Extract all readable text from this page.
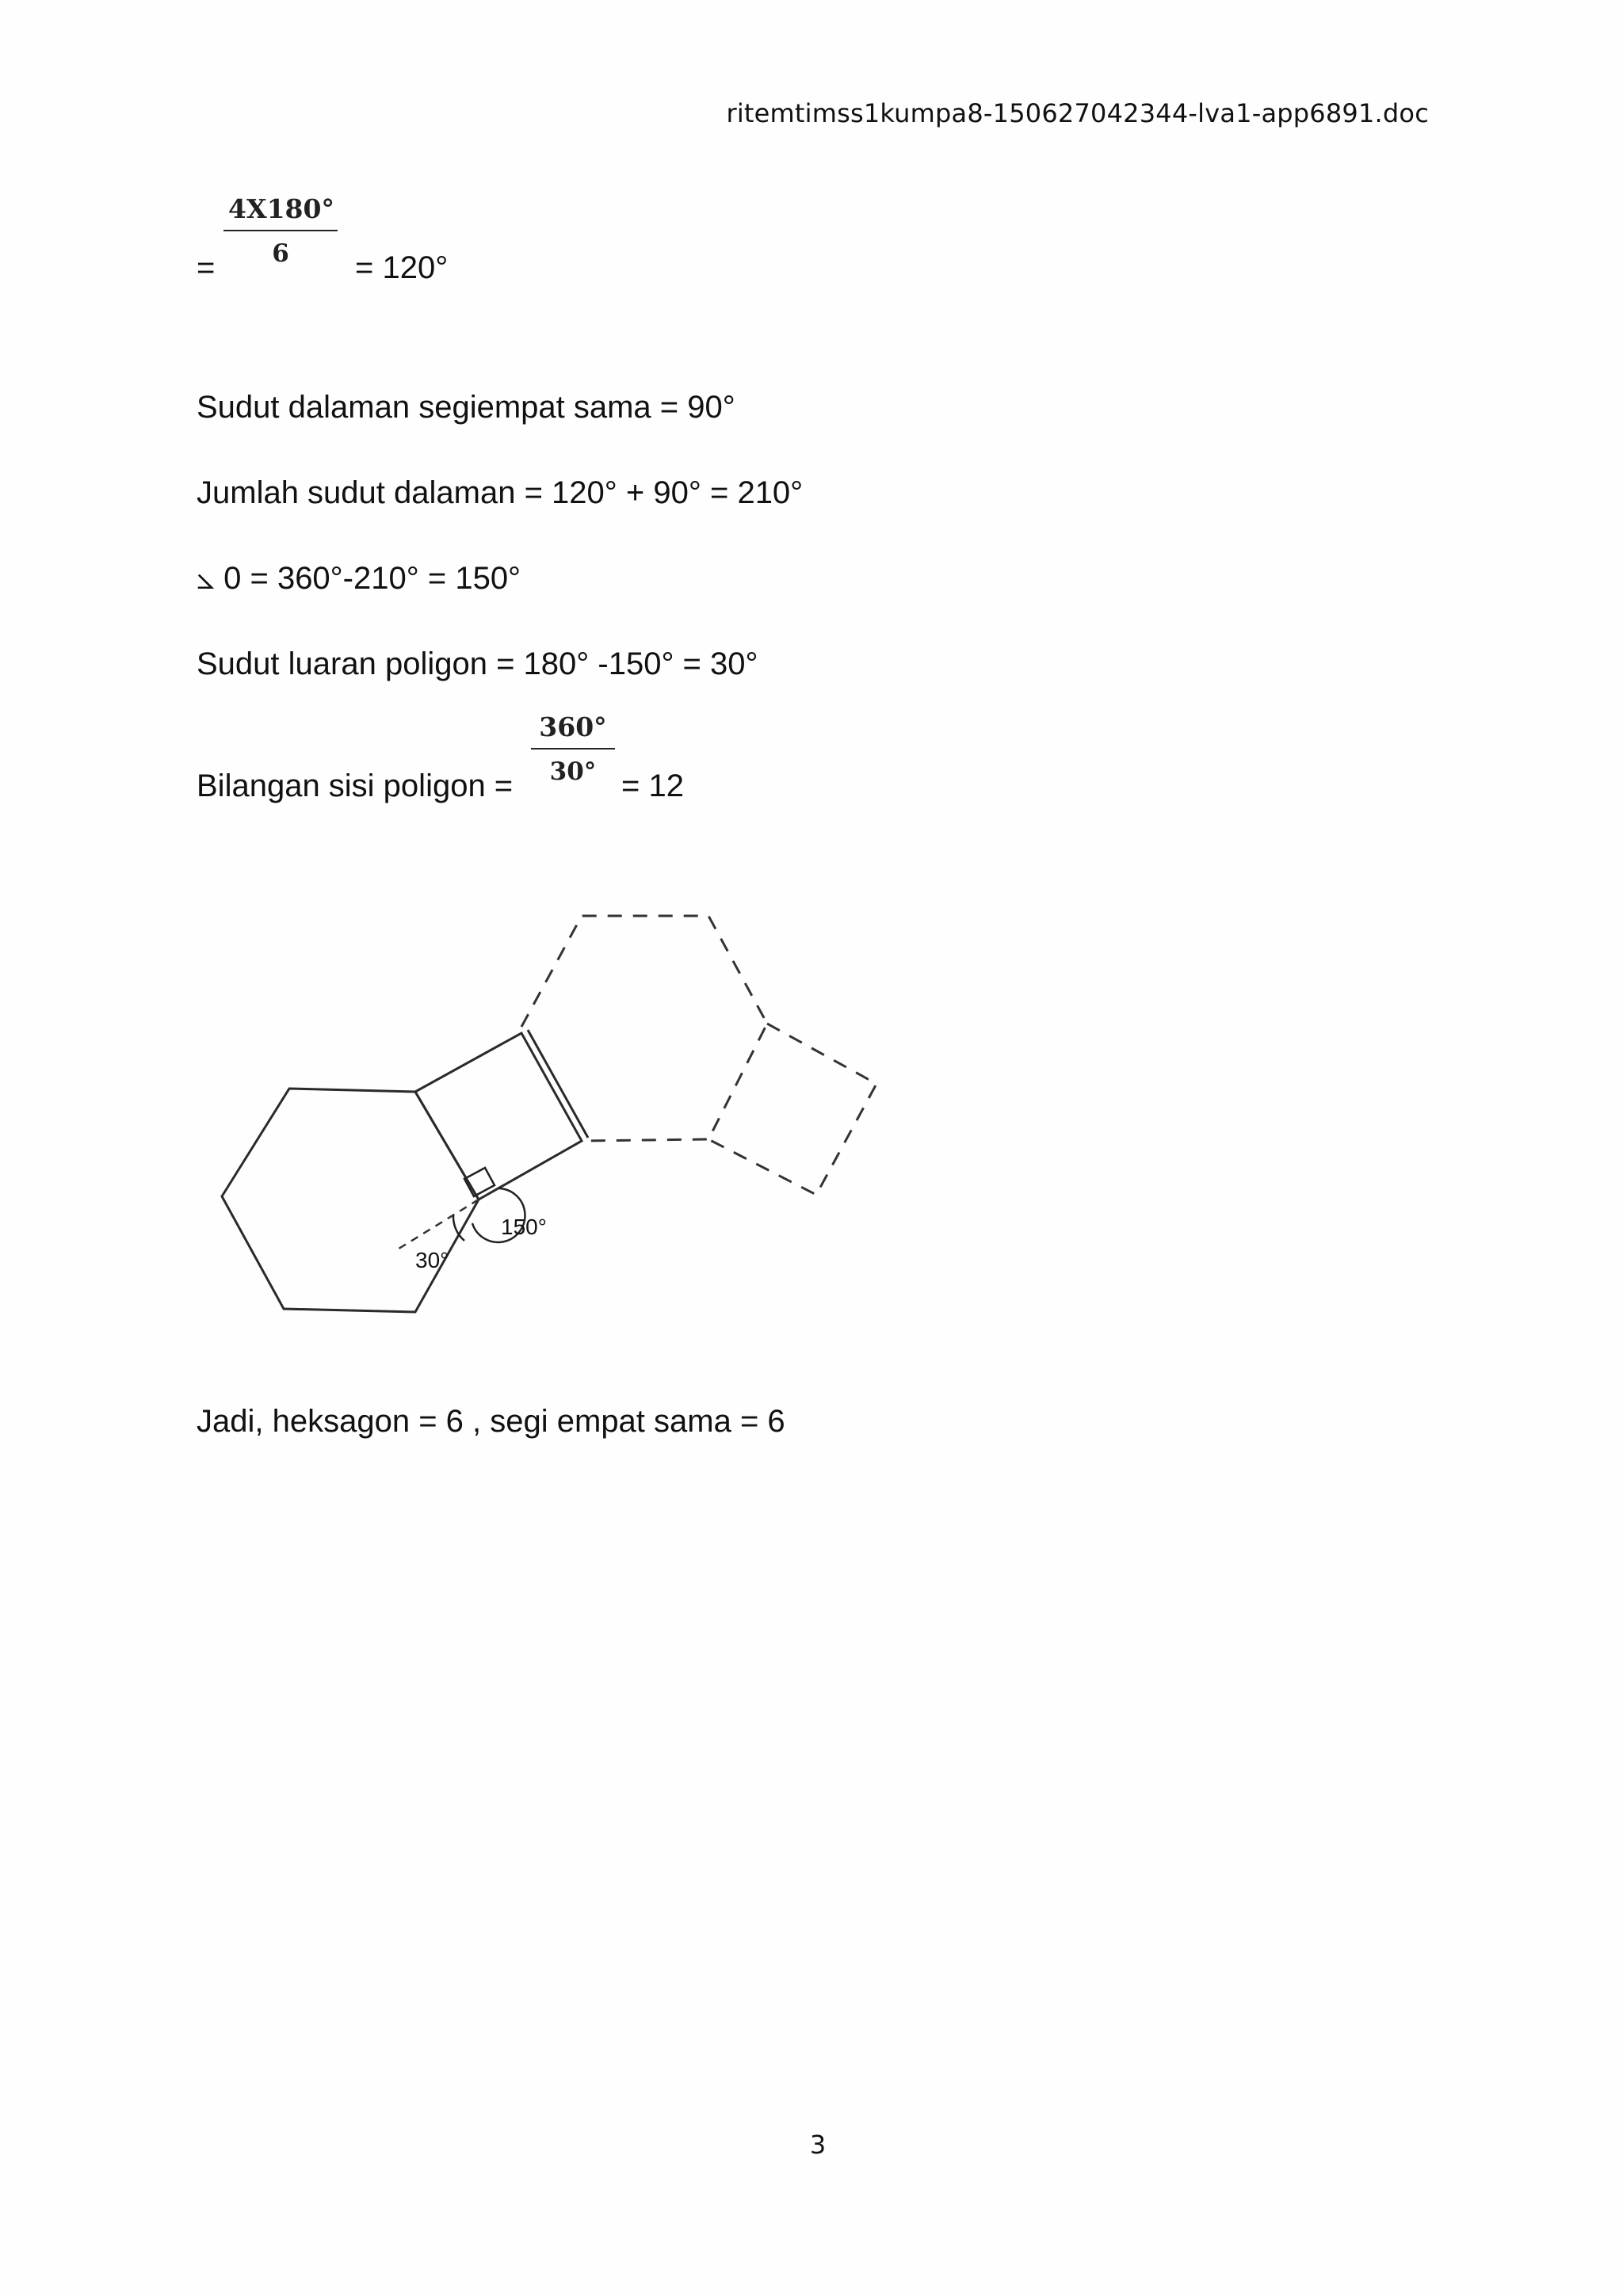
ritemtimss1kumpa8-150627042344-lva1-app6891.doc
= $\frac{4X180^\circ}{6} = 120^\circ$
Sudut dalaman segiempat sama = 90°
Jumlah sudut dalaman = 120° + 90° = 210°
⦣ 0 = 360°-210° = 150°
Sudut luaran poligon = 180° -150° = 30°
Bilangan sisi poligon = $\frac{360^\circ}{30^\circ} = 12$
150°
30°
Jadi, heksagon = 6 , segi empat sama = 6
3
